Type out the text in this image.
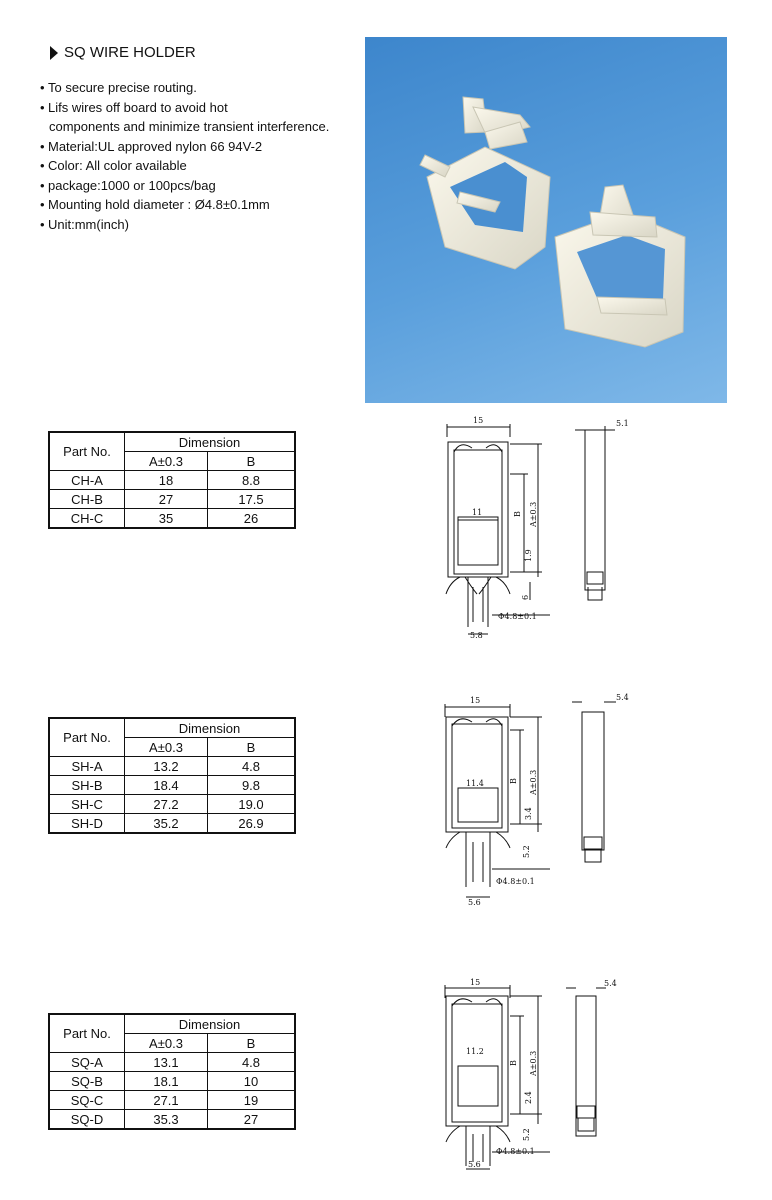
SQ WIRE HOLDER
• To secure precise routing.
• Lifs wires off board to avoid hot
components and minimize transient interference.
• Material:UL approved nylon 66 94V-2
• Color: All color available
• package:1000 or 100pcs/bag
• Mounting hold diameter : Ø4.8±0.1mm
• Unit:mm(inch)
Part No.	Dimension	
	A±0.3	B
CH-A	18	8.8
CH-B	27	17.5
CH-C	35	26
Part No.	Dimension	
	A±0.3	B
SH-A	13.2	4.8
SH-B	18.4	9.8
SH-C	27.2	19.0
SH-D	35.2	26.9
Part No.	Dimension	
	A±0.3	B
SQ-A	13.1	4.8
SQ-B	18.1	10
SQ-C	27.1	19
SQ-D	35.3	27
15	5.1
11	B A±0.3
1.9
6
Φ4.8±0.1
5.8
15	5.4
11.4	B A±0.3
3.4
5.2
Φ4.8±0.1
5.6
15	5.4
11.2
B A±0.3
2.4
5.2
Φ4.8±0.1
5.6
